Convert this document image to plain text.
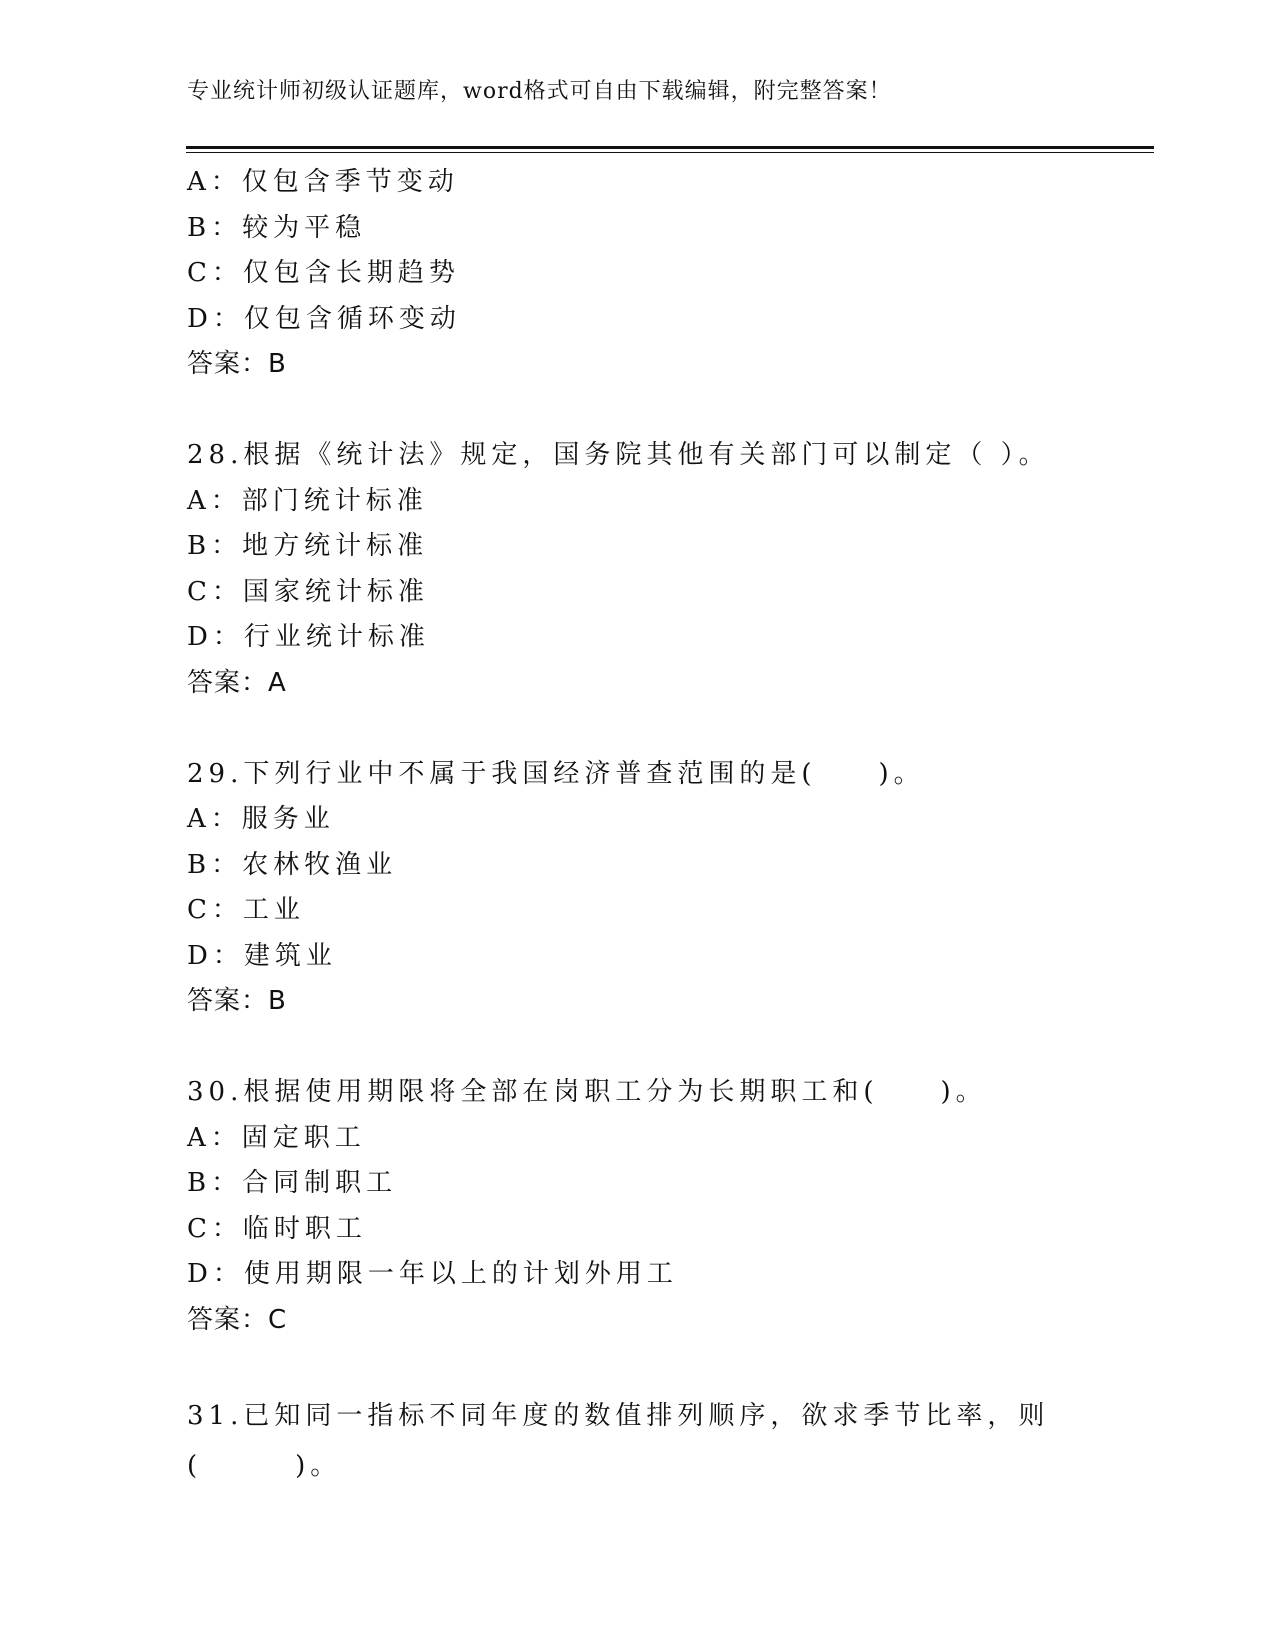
专业统计师初级认证题库，word格式可自由下载编辑，附完整答案！
A：仅包含季节变动
B：较为平稳
C：仅包含长期趋势
D：仅包含循环变动
答案：B
28.根据《统计法》规定，国务院其他有关部门可以制定（ ）。
A：部门统计标准
B：地方统计标准
C：国家统计标准
D：行业统计标准
答案：A
29.下列行业中不属于我国经济普查范围的是(　　)。
A：服务业
B：农林牧渔业
C：工业
D：建筑业
答案：B
30.根据使用期限将全部在岗职工分为长期职工和(　　)。
A：固定职工
B：合同制职工
C：临时职工
D：使用期限一年以上的计划外用工
答案：C
31.已知同一指标不同年度的数值排列顺序，欲求季节比率，则
(　　　)。
